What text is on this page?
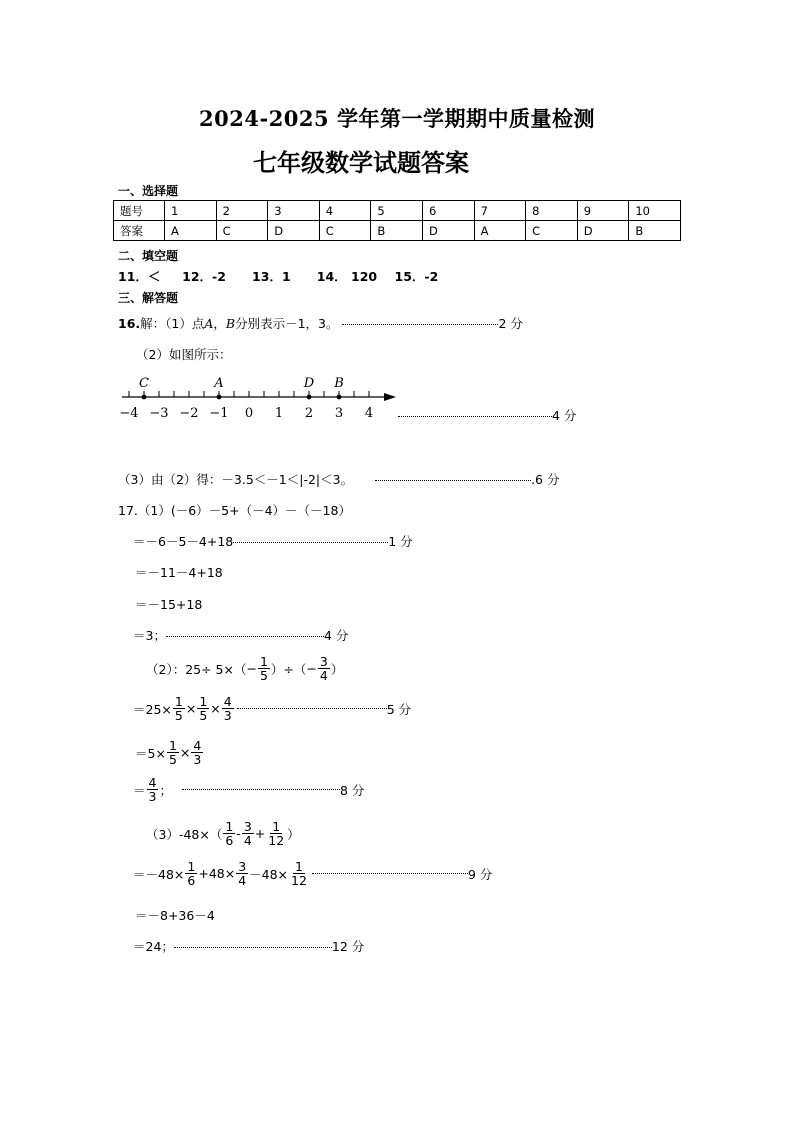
2024-2025 学年第一学期期中质量检测
七年级数学试题答案
一、选择题
题号	1	2	3	4	5	6	7	8	9	10
答案	A	C	D	C	B	D	A	C	D	B
二、填空题
11．＜     12．-2      13．1      14． 120    15．-2
三、解答题
16.解：（1）点A，B分别表示－1，3。	2 分
（2）如图所示：
−4 −3 −2 −1 0 1 2 3 4
C	A	D B
4 分
（3）由（2）得：－3.5＜－1＜|-2|＜3。	.6 分
17.（1）(－6）－5+（－4）－（－18）
＝－6－5－4+18	1 分
＝－11－4+18
＝－15+18
＝3；	4 分
（2）：$25\div 5\times( - \frac{1}{5}$ ）÷（ − $\frac{3}{4}$ ）
$=25\times \frac{1}{5} \times \frac{1}{5} \times \frac{4}{3}$	5 分
$=5\times \frac{1}{5} \times \frac{4}{3}$
＝ $\frac{4}{3}$ ；	8 分
$(3)-48\times( \frac{1}{6} - \frac{3}{4} + \frac{1}{12}$ ）
$=-48\times \frac{1}{6} +48\times \frac{3}{4} -48\times \frac{1}{12}$	9 分
＝－8+36－4
＝24；	12 分
